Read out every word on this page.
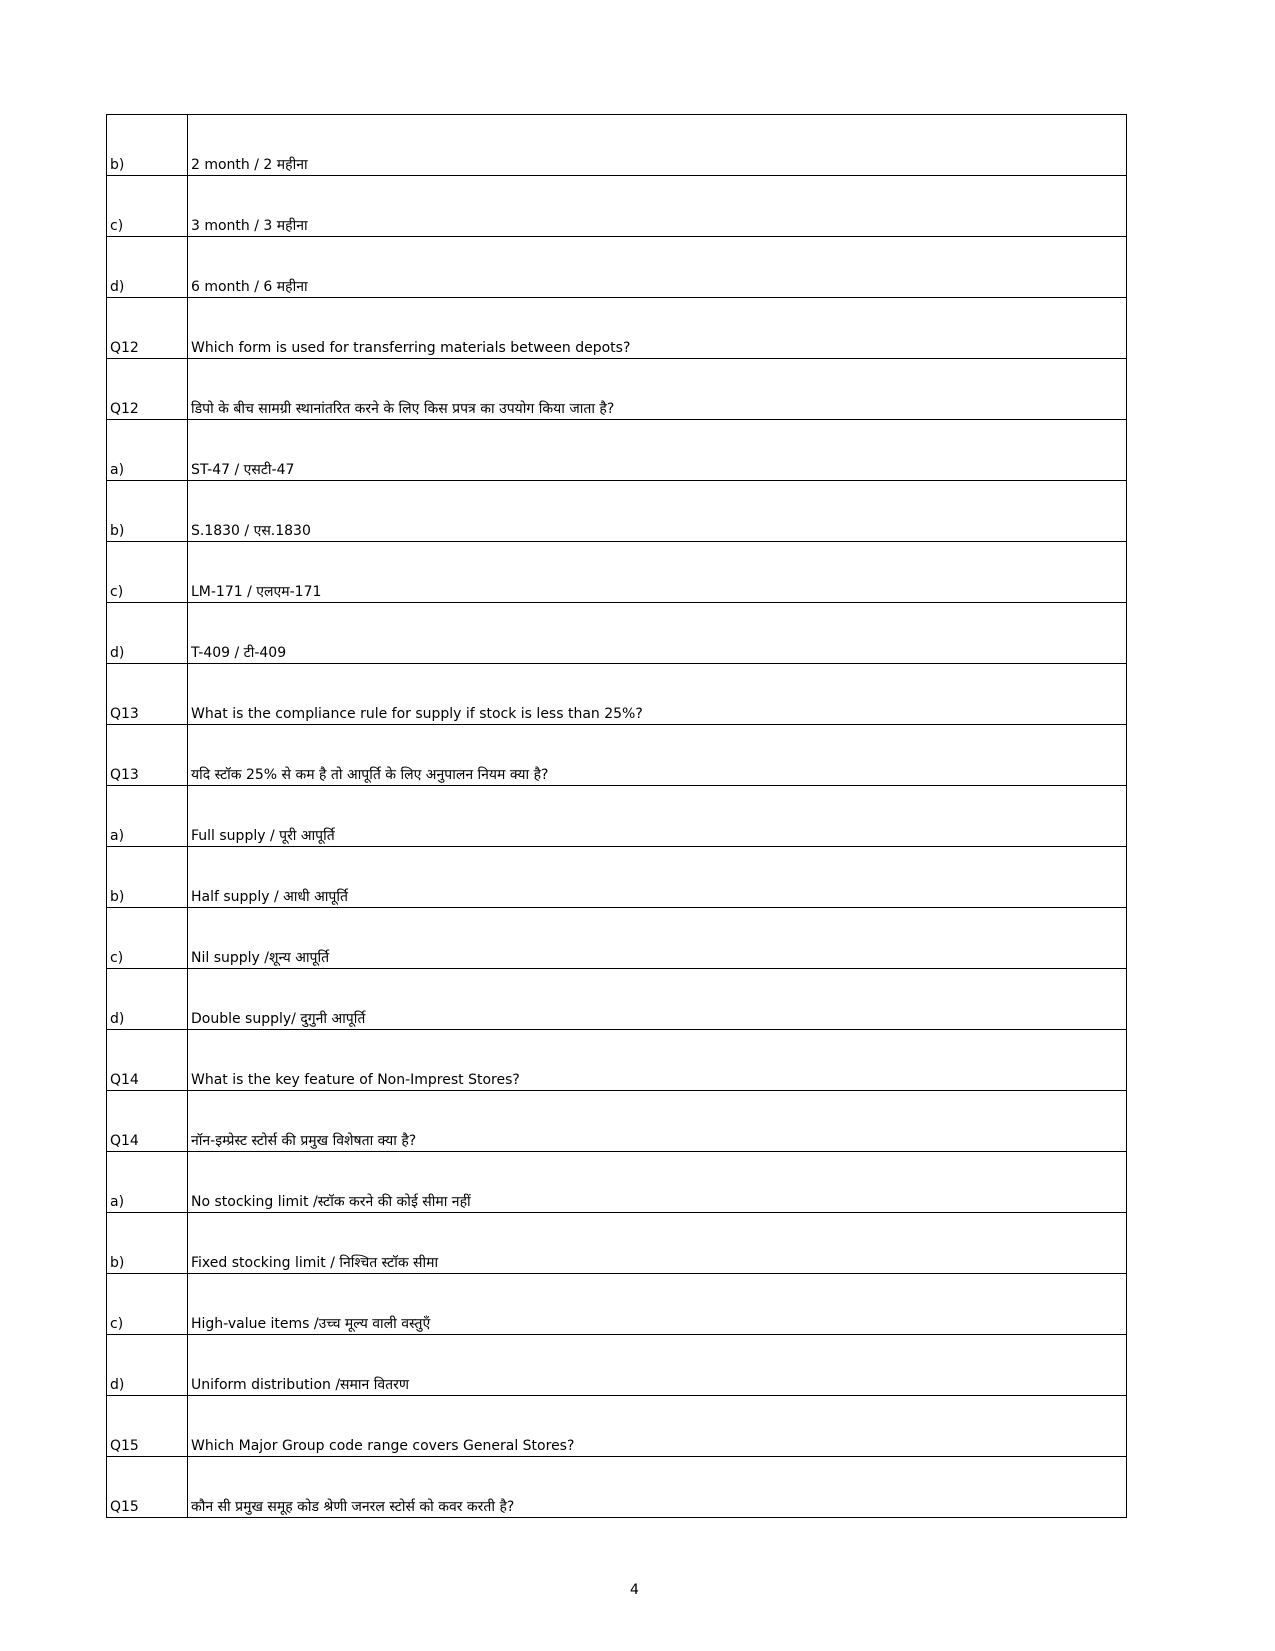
b)	2 month / 2 महीना
c)	3 month / 3 महीना
d)	6 month / 6 महीना
Q12	Which form is used for transferring materials between depots?
Q12	डिपो के बीच सामग्री स्थानांतरित करने के लिए किस प्रपत्र का उपयोग किया जाता है?
a)	ST-47 / एसटी-47
b)	S.1830 / एस.1830
c)	LM-171 / एलएम-171
d)	T-409 / टी-409
Q13	What is the compliance rule for supply if stock is less than 25%?
Q13	यदि स्टॉक 25% से कम है तो आपूर्ति के लिए अनुपालन नियम क्या है?
a)	Full supply / पूरी आपूर्ति
b)	Half supply / आधी आपूर्ति
c)	Nil supply /शून्य आपूर्ति
d)	Double supply/ दुगुनी आपूर्ति
Q14	What is the key feature of Non-Imprest Stores?
Q14	नॉन-इम्प्रेस्ट स्टोर्स की प्रमुख विशेषता क्या है?
a)	No stocking limit /स्टॉक करने की कोई सीमा नहीं
b)	Fixed stocking limit / निश्चित स्टॉक सीमा
c)	High-value items /उच्च मूल्य वाली वस्तुएँ
d)	Uniform distribution /समान वितरण
Q15	Which Major Group code range covers General Stores?
Q15	कौन सी प्रमुख समूह कोड श्रेणी जनरल स्टोर्स को कवर करती है?
4
